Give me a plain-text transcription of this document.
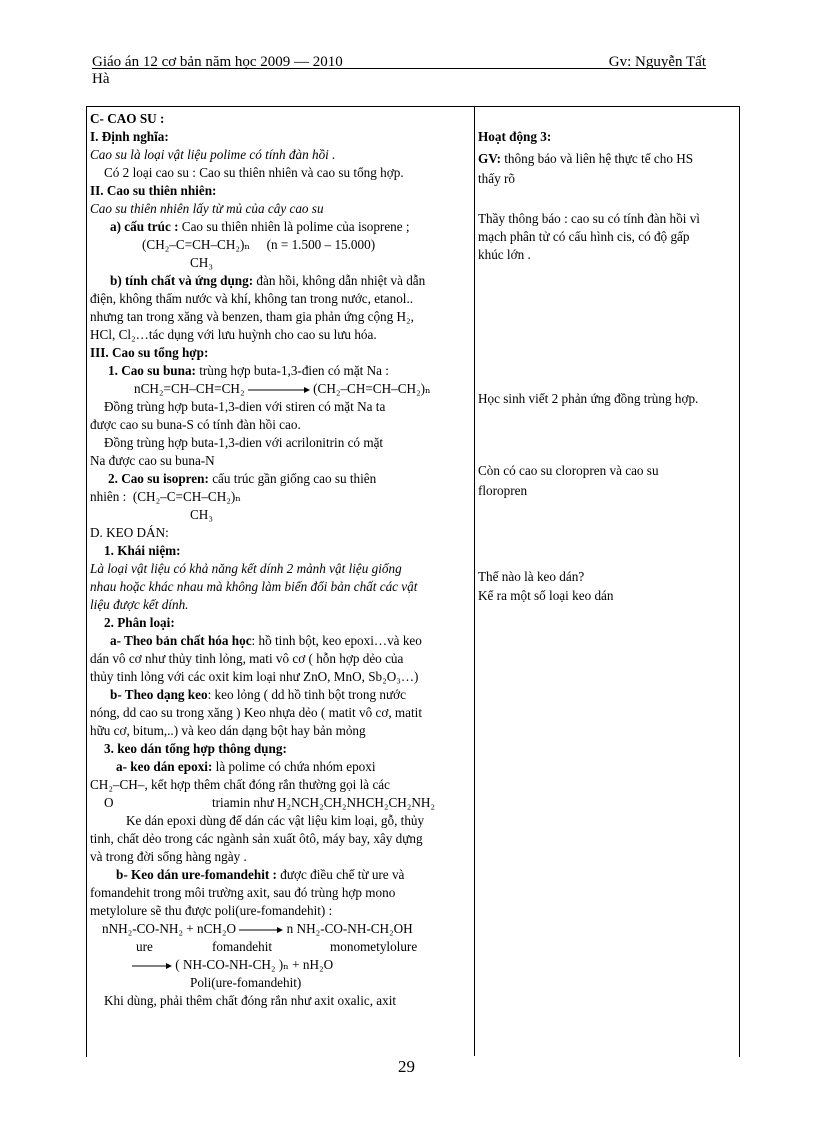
Giáo án 12 cơ bản năm học 2009 — 2010	Gv: Nguyễn Tất
Hà
C- CAO SU :
I. Định nghĩa:
Cao su là loại vật liệu polime có tính đàn hồi .
Có 2 loại cao su : Cao su thiên nhiên và cao su tổng hợp.
II. Cao su thiên nhiên:
Cao su thiên nhiên lấy từ mủ của cây cao su
a) cấu trúc : Cao su thiên nhiên là polime của isoprene ;
(CH₂–C=CH–CH₂)ₙ (n = 1.500 – 15.000)
CH₃
b) tính chất và ứng dụng: đàn hồi, không dẫn nhiệt và dẫn
điện, không thấm nước và khí, không tan trong nước, etanol..
nhưng tan trong xăng và benzen, tham gia phản ứng cộng H₂,
HCl, Cl₂…tác dụng với lưu huỳnh cho cao su lưu hóa.
III. Cao su tổng hợp:
1. Cao su buna: trùng hợp buta-1,3-đien có mặt Na :
nCH₂=CH–CH=CH₂	(CH₂–CH=CH–CH₂)ₙ
Đồng trùng hợp buta-1,3-dien với stiren có mặt Na ta
được cao su buna-S có tính đàn hồi cao.
Đồng trùng hợp buta-1,3-dien với acrilonitrin có mặt
Na được cao su buna-N
2. Cao su isopren: cấu trúc gần giống cao su thiên
nhiên : (CH₂–C=CH–CH₂)ₙ
CH₃
D. KEO DÁN:
1. Khái niệm:
Là loại vật liệu có khả năng kết dính 2 mảnh vật liệu giống
nhau hoặc khác nhau mà không làm biến đổi bản chất các vật
liệu được kết dính.
2. Phân loại:
a- Theo bản chất hóa học: hồ tinh bột, keo epoxi…và keo
dán vô cơ như thủy tinh lỏng, mati vô cơ ( hỗn hợp dẻo của
thủy tinh lỏng với các oxit kim loại như ZnO, MnO, Sb₂O₃…)
b- Theo dạng keo: keo lỏng ( dd hồ tinh bột trong nước
nóng, dd cao su trong xăng ) Keo nhựa dẻo ( matit vô cơ, matit
hữu cơ, bitum,..) và keo dán dạng bột hay bản mỏng
3. keo dán tổng hợp thông dụng:
a- keo dán epoxi: là polime có chứa nhóm epoxi
CH₂–CH–, kết hợp thêm chất đóng rắn thường gọi là các
O	triamin như H₂NCH₂CH₂NHCH₂CH₂NH₂
Ke dán epoxi dùng để dán các vật liệu kim loại, gỗ, thủy
tinh, chất dẻo trong các ngành sản xuất ôtô, máy bay, xây dựng
và trong đời sống hàng ngày .
b- Keo dán ure-fomandehit : được điều chế từ ure và
fomandehit trong môi trường axit, sau đó trùng hợp mono
metylolure sẽ thu được poli(ure-fomandehit) :
nNH₂-CO-NH₂ + nCH₂O → n NH₂-CO-NH-CH₂OH
ure	fomandehit	monometylolure
→ ( NH-CO-NH-CH₂ )ₙ + nH₂O
Poli(ure-fomandehit)
Khi dùng, phải thêm chất đóng rắn như axit oxalic, axit
Hoạt động 3:
GV: thông báo và liên hệ thực tế cho HS
thấy rõ
Thầy thông báo : cao su có tính đàn hồi vì
mạch phân tử có cấu hình cis, có độ gấp
khúc lớn .
Học sinh viết 2 phản ứng đồng trùng hợp.
Còn có cao su cloropren và cao su
floropren
Thế nào là keo dán?
Kể ra một số loại keo dán
29
